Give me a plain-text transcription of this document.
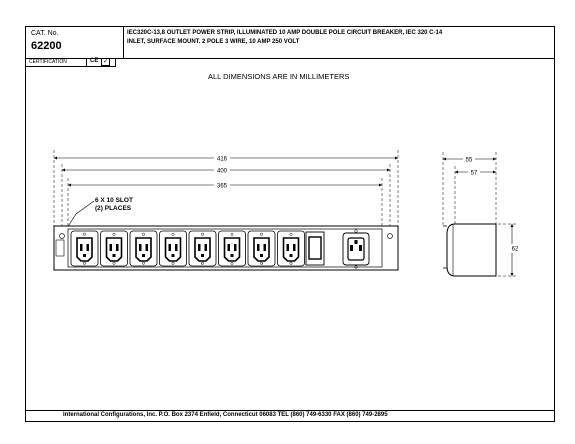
CAT. No.
62200
IEC320C-13,8 OUTLET POWER STRIP, ILLUMINATED 10 AMP DOUBLE POLE CIRCUIT BREAKER, IEC 320 C-14
INLET, SURFACE MOUNT. 2 POLE 3 WIRE, 10 AMP 250 VOLT
CERTIFICATION	CE ✓
ALL DIMENSIONS ARE IN MILLIMETERS
International Configurations, Inc. P.O. Box 2374 Enfield, Connecticut 06083 TEL (860) 749-6330 FAX (860) 749-2895
416
400
365
6 X 10 SLOT
(2) PLACES
55
57
62
